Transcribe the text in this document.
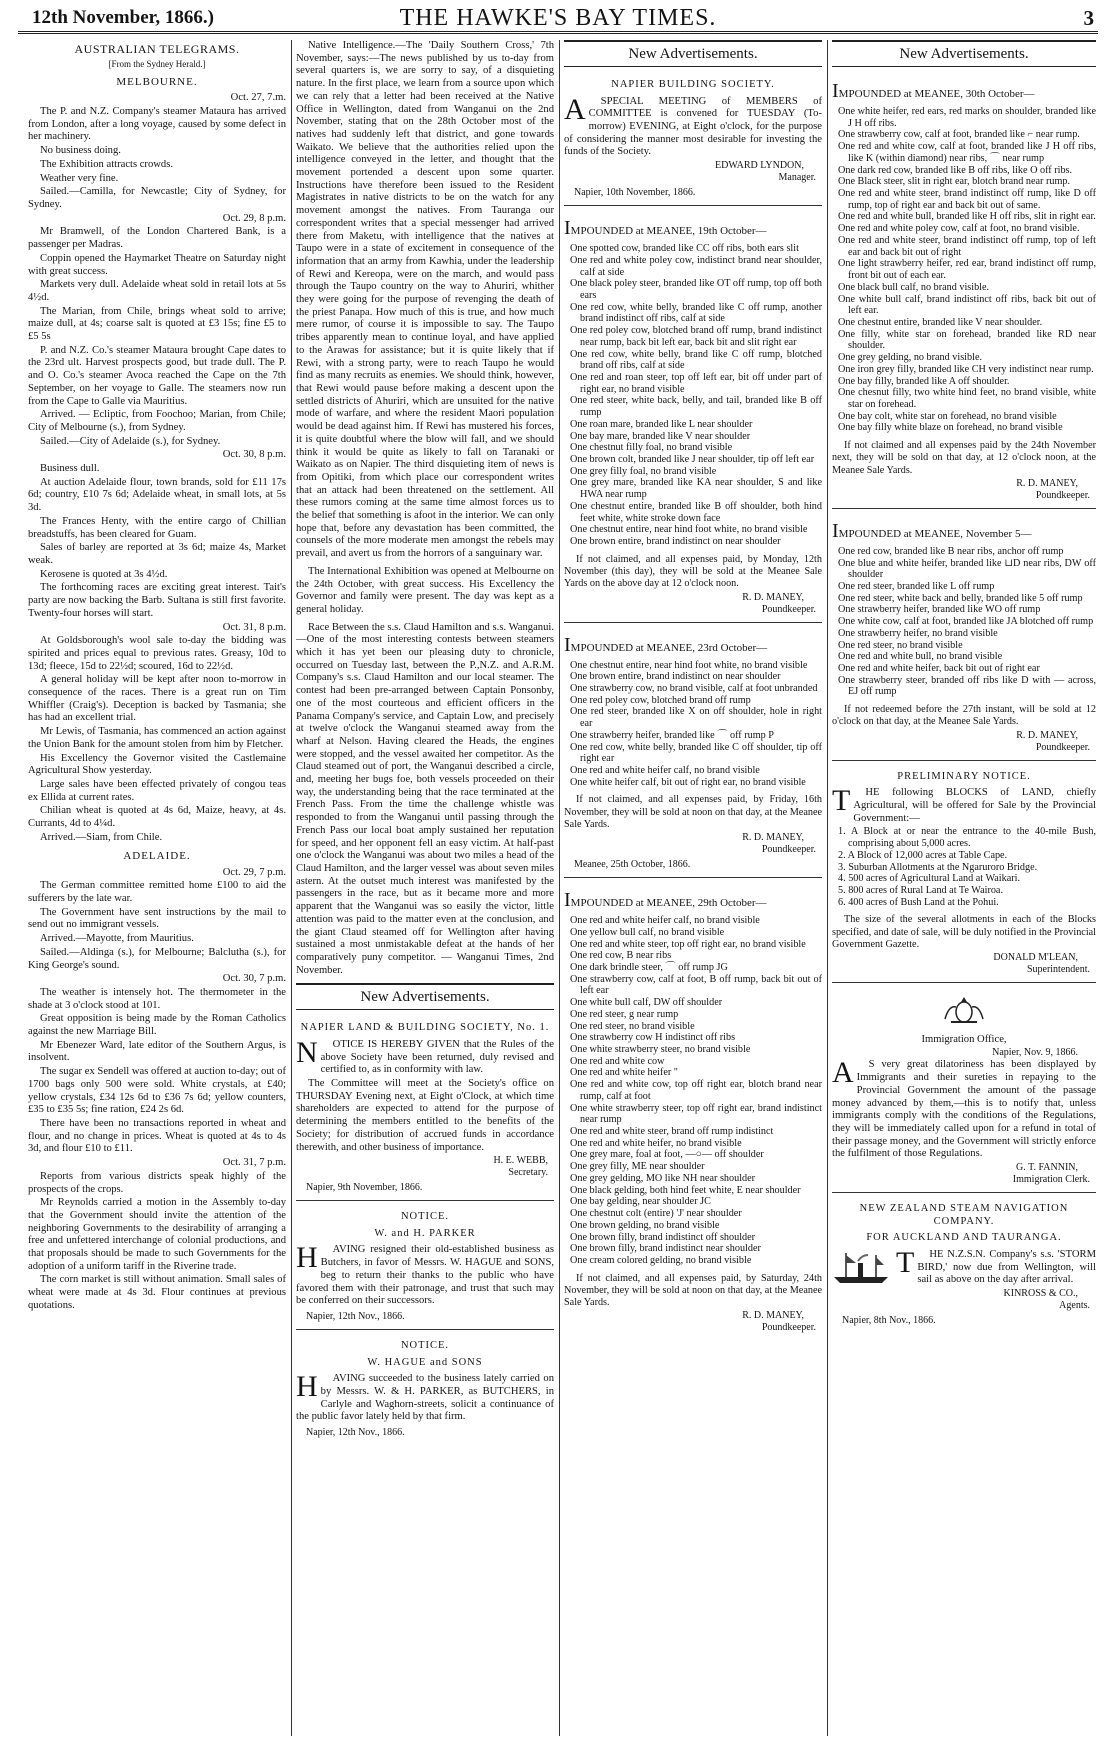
12th November, 1866.)	THE HAWKE'S BAY TIMES.	3
AUSTRALIAN TELEGRAMS.
[From the Sydney Herald.]
MELBOURNE.

Oct. 27, 7.m.

The P. and N.Z. Company's steamer Mataura has arrived from London, after a long voyage, caused by some defect in her machinery.

No business doing.

The Exhibition attracts crowds.

Weather very fine.

Sailed.—Camilla, for Newcastle; City of Sydney, for Sydney.

Oct. 29, 8 p.m.

Mr Bramwell, of the London Chartered Bank, is a passenger per Madras.

Coppin opened the Haymarket Theatre on Saturday night with great success.

Markets very dull. Adelaide wheat sold in retail lots at 5s 4½d.

The Marian, from Chile, brings wheat sold to arrive; maize dull, at 4s; coarse salt is quoted at £3 15s; fine £5 to £5 5s

P. and N.Z. Co.'s steamer Mataura brought Cape dates to the 23rd ult. Harvest prospects good, but trade dull. The P. and O. Co.'s steamer Avoca reached the Cape on the 7th September, on her voyage to Galle. The steamers now run from the Cape to Galle via Mauritius.

Arrived. — Ecliptic, from Foochoo; Marian, from Chile; City of Melbourne (s.), from Sydney.

Sailed.—City of Adelaide (s.), for Sydney.

Oct. 30, 8 p.m.

Business dull.

At auction Adelaide flour, town brands, sold for £11 17s 6d; country, £10 7s 6d; Adelaide wheat, in small lots, at 5s 3d.

The Frances Henty, with the entire cargo of Chillian breadstuffs, has been cleared for Guam.

Sales of barley are reported at 3s 6d; maize 4s, Market weak.

Kerosene is quoted at 3s 4½d.

The forthcoming races are exciting great interest. Tait's party are now backing the Barb. Sultana is still first favorite. Twenty-four horses will start.

Oct. 31, 8 p.m.

At Goldsborough's wool sale to-day the bidding was spirited and prices equal to previous rates. Greasy, 10d to 13d; fleece, 15d to 22½d; scoured, 16d to 22½d.

A general holiday will be kept after noon to-morrow in consequence of the races. There is a great run on Tim Whiffler (Craig's). Deception is backed by Tasmania; she has had an excellent trial.

Mr Lewis, of Tasmania, has commenced an action against the Union Bank for the amount stolen from him by Fletcher.

His Excellency the Governor visited the Castlemaine Agricultural Show yesterday.

Large sales have been effected privately of congou teas ex Ellida at current rates.

Chilian wheat is quoted at 4s 6d, Maize, heavy, at 4s. Currants, 4d to 4¼d.

Arrived.—Siam, from Chile.

ADELAIDE.

Oct. 29, 7 p.m.

The German committee remitted home £100 to aid the sufferers by the late war.

The Government have sent instructions by the mail to send out no immigrant vessels.

Arrived.—Mayotte, from Mauritius.

Sailed.—Aldinga (s.), for Melbourne; Balclutha (s.), for King George's sound.

Oct. 30, 7 p.m.

The weather is intensely hot. The thermometer in the shade at 3 o'clock stood at 101.

Great opposition is being made by the Roman Catholics against the new Marriage Bill.

Mr Ebenezer Ward, late editor of the Southern Argus, is insolvent.

The sugar ex Sendell was offered at auction to-day; out of 1700 bags only 500 were sold. White crystals, at £40; yellow crystals, £34 12s 6d to £36 7s 6d; yellow counters, £35 to £35 5s; fine ration, £24 2s 6d.

There have been no transactions reported in wheat and flour, and no change in prices. Wheat is quoted at 4s to 4s 3d, and flour £10 to £11.

Oct. 31, 7 p.m.

Reports from various districts speak highly of the prospects of the crops.

Mr Reynolds carried a motion in the Assembly to-day that the Government should invite the attention of the neighboring Governments to the desirability of arranging a free and unfettered interchange of colonial productions, and that proposals should be made to such Governments for the adoption of a uniform tariff in the Riverine trade.

The corn market is still without animation. Small sales of wheat were made at 4s 3d. Flour continues at previous quotations.

Native Intelligence.—The 'Daily Southern Cross,' 7th November, says:—The news published by us to-day from several quarters is, we are sorry to say, of a disquieting nature. In the first place, we learn from a source upon which we can rely that a letter had been received at the Native Office in Wellington, dated from Wanganui on the 2nd November, stating that on the 28th October most of the natives had suddenly left that district, and gone towards Waikato. We believe that the authorities relied upon the intelligence conveyed in the letter, and thought that the movement portended a descent upon some quarter. Instructions have therefore been issued to the Resident Magistrates in native districts to be on the watch for any movement amongst the natives. From Tauranga our correspondent writes that a special messenger had arrived there from Maketu, with intelligence that the natives at Taupo were in a state of excitement in consequence of the information that an army from Kawhia, under the leadership of Rewi and Kereopa, were on the march, and would pass through the Taupo country on the way to Ahuriri, whither they were going for the purpose of revenging the death of the priest Panapa. How much of this is true, and how much mere rumor, of course it is impossible to say. The Taupo tribes apparently mean to continue loyal, and have applied to the Arawas for assistance; but it is quite likely that if Rewi, with a strong party, were to reach Taupo he would find as many recruits as enemies. We should think, however, that Rewi would pause before making a descent upon the settled districts of Ahuriri, which are unsuited for the native mode of warfare, and where the resident Maori population would be dead against him. If Rewi has mustered his forces, it is quite doubtful where the blow will fall, and we should think it would be quite as likely to fall on Taranaki or Waikato as on Napier. The third disquieting item of news is from Opitiki, from which place our correspondent writes that an attack had been threatened on the settlement. All these rumors coming at the same time almost forces us to the belief that something is afoot in the interior. We can only hope that, before any devastation has been committed, the counsels of the more moderate men amongst the rebels may prevail, and avert us from the horrors of a sanguinary war.

The International Exhibition was opened at Melbourne on the 24th October, with great success. His Excellency the Governor and family were present. The day was kept as a general holiday.

Race Between the s.s. Claud Hamilton and s.s. Wanganui.—One of the most interesting contests between steamers which it has yet been our pleasing duty to chronicle, occurred on Tuesday last, between the P.,N.Z. and A.R.M. Company's s.s. Claud Hamilton and our local steamer. The contest had been pre-arranged between Captain Ponsonby, one of the most courteous and efficient officers in the Panama Company's service, and Captain Low, and precisely at twelve o'clock the Wanganui steamed away from the wharf at Nelson. Having cleared the Heads, the engines were stopped, and the vessel awaited her competitor. As the Claud steamed out of port, the Wanganui described a circle, and, meeting her bugs foe, both vessels proceeded on their way, the understanding being that the race terminated at the French Pass. From the time the challenge whistle was responded to from the Wanganui until passing through the French Pass our local boat amply sustained her reputation for speed, and her opponent fell an easy victim. At half-past one o'clock the Wanganui was about two miles a head of the Claud Hamilton, and the larger vessel was about seven miles astern. At the outset much interest was manifested by the passengers in the race, but as it became more and more apparent that the Wanganui was so easily the victor, little attention was paid to the matter even at the conclusion, and the giant Claud steamed off for Wellington after having sustained a most unmistakable defeat at the hands of her comparatively puny competitor. — Wanganui Times, 2nd November.

New Advertisements.
NAPIER LAND & BUILDING SOCIETY, No. 1.
N	OTICE IS HEREBY GIVEN that the Rules of the above Society have been returned, duly revised and certified to, as in conformity with law.

The Committee will meet at the Society's office on THURSDAY Evening next, at Eight o'Clock, at which time shareholders are expected to attend for the purpose of determining the members entitled to the benefits of the Society; for distribution of accrued funds in accordance therewith, and other business of importance.

H. E. WEBB,
Secretary.
Napier, 9th November, 1866.
NOTICE.
W. and H. PARKER
H	AVING resigned their old-established business as Butchers, in favor of Messrs. W. HAGUE and SONS, beg to return their thanks to the public who have favored them with their patronage, and trust that such may be conferred on their successors.

Napier, 12th Nov., 1866.
NOTICE.
W. HAGUE and SONS
H	AVING succeeded to the business lately carried on by Messrs. W. & H. PARKER, as BUTCHERS, in Carlyle and Waghorn-streets, solicit a continuance of the public favor lately held by that firm.

Napier, 12th Nov., 1866.
New Advertisements.
NAPIER BUILDING SOCIETY.
A	SPECIAL MEETING of MEMBERS of COMMITTEE is convened for TUESDAY (To-morrow) EVENING, at Eight o'clock, for the purpose of considering the manner most desirable for investing the funds of the Society.

EDWARD LYNDON,
Manager.
Napier, 10th November, 1866.
IMPOUNDED at MEANEE, 19th October—
One spotted cow, branded like CC off ribs, both ears slit
One red and white poley cow, indistinct brand near shoulder, calf at side
One black poley steer, branded like OT off rump, top off both ears
One red cow, white belly, branded like C off rump, another brand indistinct off ribs, calf at side
One red poley cow, blotched brand off rump, brand indistinct near rump, back bit left ear, back bit and slit right ear
One red cow, white belly, brand like C off rump, blotched brand off ribs, calf at side
One red and roan steer, top off left ear, bit off under part of right ear, no brand visible
One red steer, white back, belly, and tail, branded like B off rump
One roan mare, branded like L near shoulder
One bay mare, branded like V near shoulder
One chestnut filly foal, no brand visible
One brown colt, branded like J near shoulder, tip off left ear
One grey filly foal, no brand visible
One grey mare, branded like KA near shoulder, S and like HWA near rump
One chestnut entire, branded like B off shoulder, both hind feet white, white stroke down face
One chestnut entire, near hind foot white, no brand visible
One brown entire, brand indistinct on near shoulder

If not claimed, and all expenses paid, by Monday, 12th November (this day), they will be sold at the Meanee Sale Yards on the above day at 12 o'clock noon.

R. D. MANEY,
Poundkeeper.
IMPOUNDED at MEANEE, 23rd October—
One chestnut entire, near hind foot white, no brand visible
One brown entire, brand indistinct on near shoulder
One strawberry cow, no brand visible, calf at foot unbranded
One red poley cow, blotched brand off rump
One red steer, branded like X on off shoulder, hole in right ear
One strawberry heifer, branded like ⌒ off rump P
One red cow, white belly, branded like C off shoulder, tip off right ear
One red and white heifer calf, no brand visible
One white heifer calf, bit out of right ear, no brand visible

If not claimed, and all expenses paid, by Friday, 16th November, they will be sold at noon on that day, at the Meanee Sale Yards.

R. D. MANEY,
Poundkeeper.
Meanee, 25th October, 1866.
IMPOUNDED at MEANEE, 29th October—
One red and white heifer calf, no brand visible
One yellow bull calf, no brand visible
One red and white steer, top off right ear, no brand visible
One red cow, B near ribs
One dark brindle steer, ⌒ off rump JG
One strawberry cow, calf at foot, B off rump, back bit out of left ear
One white bull calf, DW off shoulder
One red steer, g near rump
One red steer, no brand visible
One strawberry cow H indistinct off ribs
One white strawberry steer, no brand visible
One red and white cow
One red and white heifer "
One red and white cow, top off right ear, blotch brand near rump, calf at foot
One white strawberry steer, top off right ear, brand indistinct near rump
One red and white steer, brand off rump indistinct
One red and white heifer, no brand visible
One grey mare, foal at foot, —○— off shoulder
One grey filly, ME near shoulder
One grey gelding, MO like NH near shoulder
One black gelding, both hind feet white, E near shoulder
One bay gelding, near shoulder JC
One chestnut colt (entire) 'J' near shoulder
One brown gelding, no brand visible
One brown filly, brand indistinct off shoulder
One brown filly, brand indistinct near shoulder
One cream colored gelding, no brand visible

If not claimed, and all expenses paid, by Saturday, 24th November, they will be sold at noon on that day, at the Meanee Sale Yards.

R. D. MANEY,
Poundkeeper.
New Advertisements.
IMPOUNDED at MEANEE, 30th October—
One white heifer, red ears, red marks on shoulder, branded like J H off ribs.
One strawberry cow, calf at foot, branded like ⌐ near rump.
One red and white cow, calf at foot, branded like J H off ribs, like K (within diamond) near ribs, ⌒ near rump
One dark red cow, branded like B off ribs, like O off ribs.
One Black steer, slit in right ear, blotch brand near rump.
One red and white steer, brand indistinct off rump, like D off rump, top of right ear and back bit out of same.
One red and white bull, branded like H off ribs, slit in right ear.
One red and white poley cow, calf at foot, no brand visible.
One red and white steer, brand indistinct off rump, top of left ear and back bit out of right
One light strawberry heifer, red ear, brand indistinct off rump, front bit out of each ear.
One black bull calf, no brand visible.
One white bull calf, brand indistinct off ribs, back bit out of left ear.
One chestnut entire, branded like V near shoulder.
One filly, white star on forehead, branded like RD near shoulder.
One grey gelding, no brand visible.
One iron grey filly, branded like CH very indistinct near rump.
One bay filly, branded like A off shoulder.
One chesnut filly, two white hind feet, no brand visible, white star on forehead.
One bay colt, white star on forehead, no brand visible
One bay filly white blaze on forehead, no brand visible

If not claimed and all expenses paid by the 24th November next, they will be sold on that day, at 12 o'clock noon, at the Meanee Sale Yards.

R. D. MANEY,
Poundkeeper.
IMPOUNDED at MEANEE, November 5—
One red cow, branded like B near ribs, anchor off rump
One blue and white heifer, branded like ⊔D near ribs, DW off shoulder
One red steer, branded like L off rump
One red steer, white back and belly, branded like 5 off rump
One strawberry heifer, branded like WO off rump
One white cow, calf at foot, branded like JA blotched off rump
One strawberry heifer, no brand visible
One red steer, no brand visible
One red and white bull, no brand visible
One red and white heifer, back bit out of right ear
One strawberry steer, branded off ribs like D with — across, EJ off rump

If not redeemed before the 27th instant, will be sold at 12 o'clock on that day, at the Meanee Sale Yards.

R. D. MANEY,
Poundkeeper.
PRELIMINARY NOTICE.
T	HE following BLOCKS of LAND, chiefly Agricultural, will be offered for Sale by the Provincial Government:—

1. A Block at or near the entrance to the 40-mile Bush, comprising about 5,000 acres.
2. A Block of 12,000 acres at Table Cape.
3. Suburban Allotments at the Ngaruroro Bridge.
4. 500 acres of Agricultural Land at Waikari.
5. 800 acres of Rural Land at Te Wairoa.
6. 400 acres of Bush Land at the Pohui.

The size of the several allotments in each of the Blocks specified, and date of sale, will be duly notified in the Provincial Government Gazette.

DONALD M'LEAN,
Superintendent.

Immigration Office,

Napier, Nov. 9, 1866.
A	S very great dilatoriness has been displayed by Immigrants and their sureties in repaying to the Provincial Government the amount of the passage money advanced by them,—this is to notify that, unless immigrants comply with the conditions of the Regulations, they will be immediately called upon for a refund in total of their passage money, and the Government will strictly enforce the fulfilment of those Regulations.

G. T. FANNIN,
Immigration Clerk.
NEW ZEALAND STEAM NAVIGATION COMPANY.
FOR AUCKLAND AND TAURANGA.
T	HE N.Z.S.N. Company's s.s. 'STORM BIRD,' now due from Wellington, will sail as above on the day after arrival.

KINROSS & CO.,
Agents.
Napier, 8th Nov., 1866.
